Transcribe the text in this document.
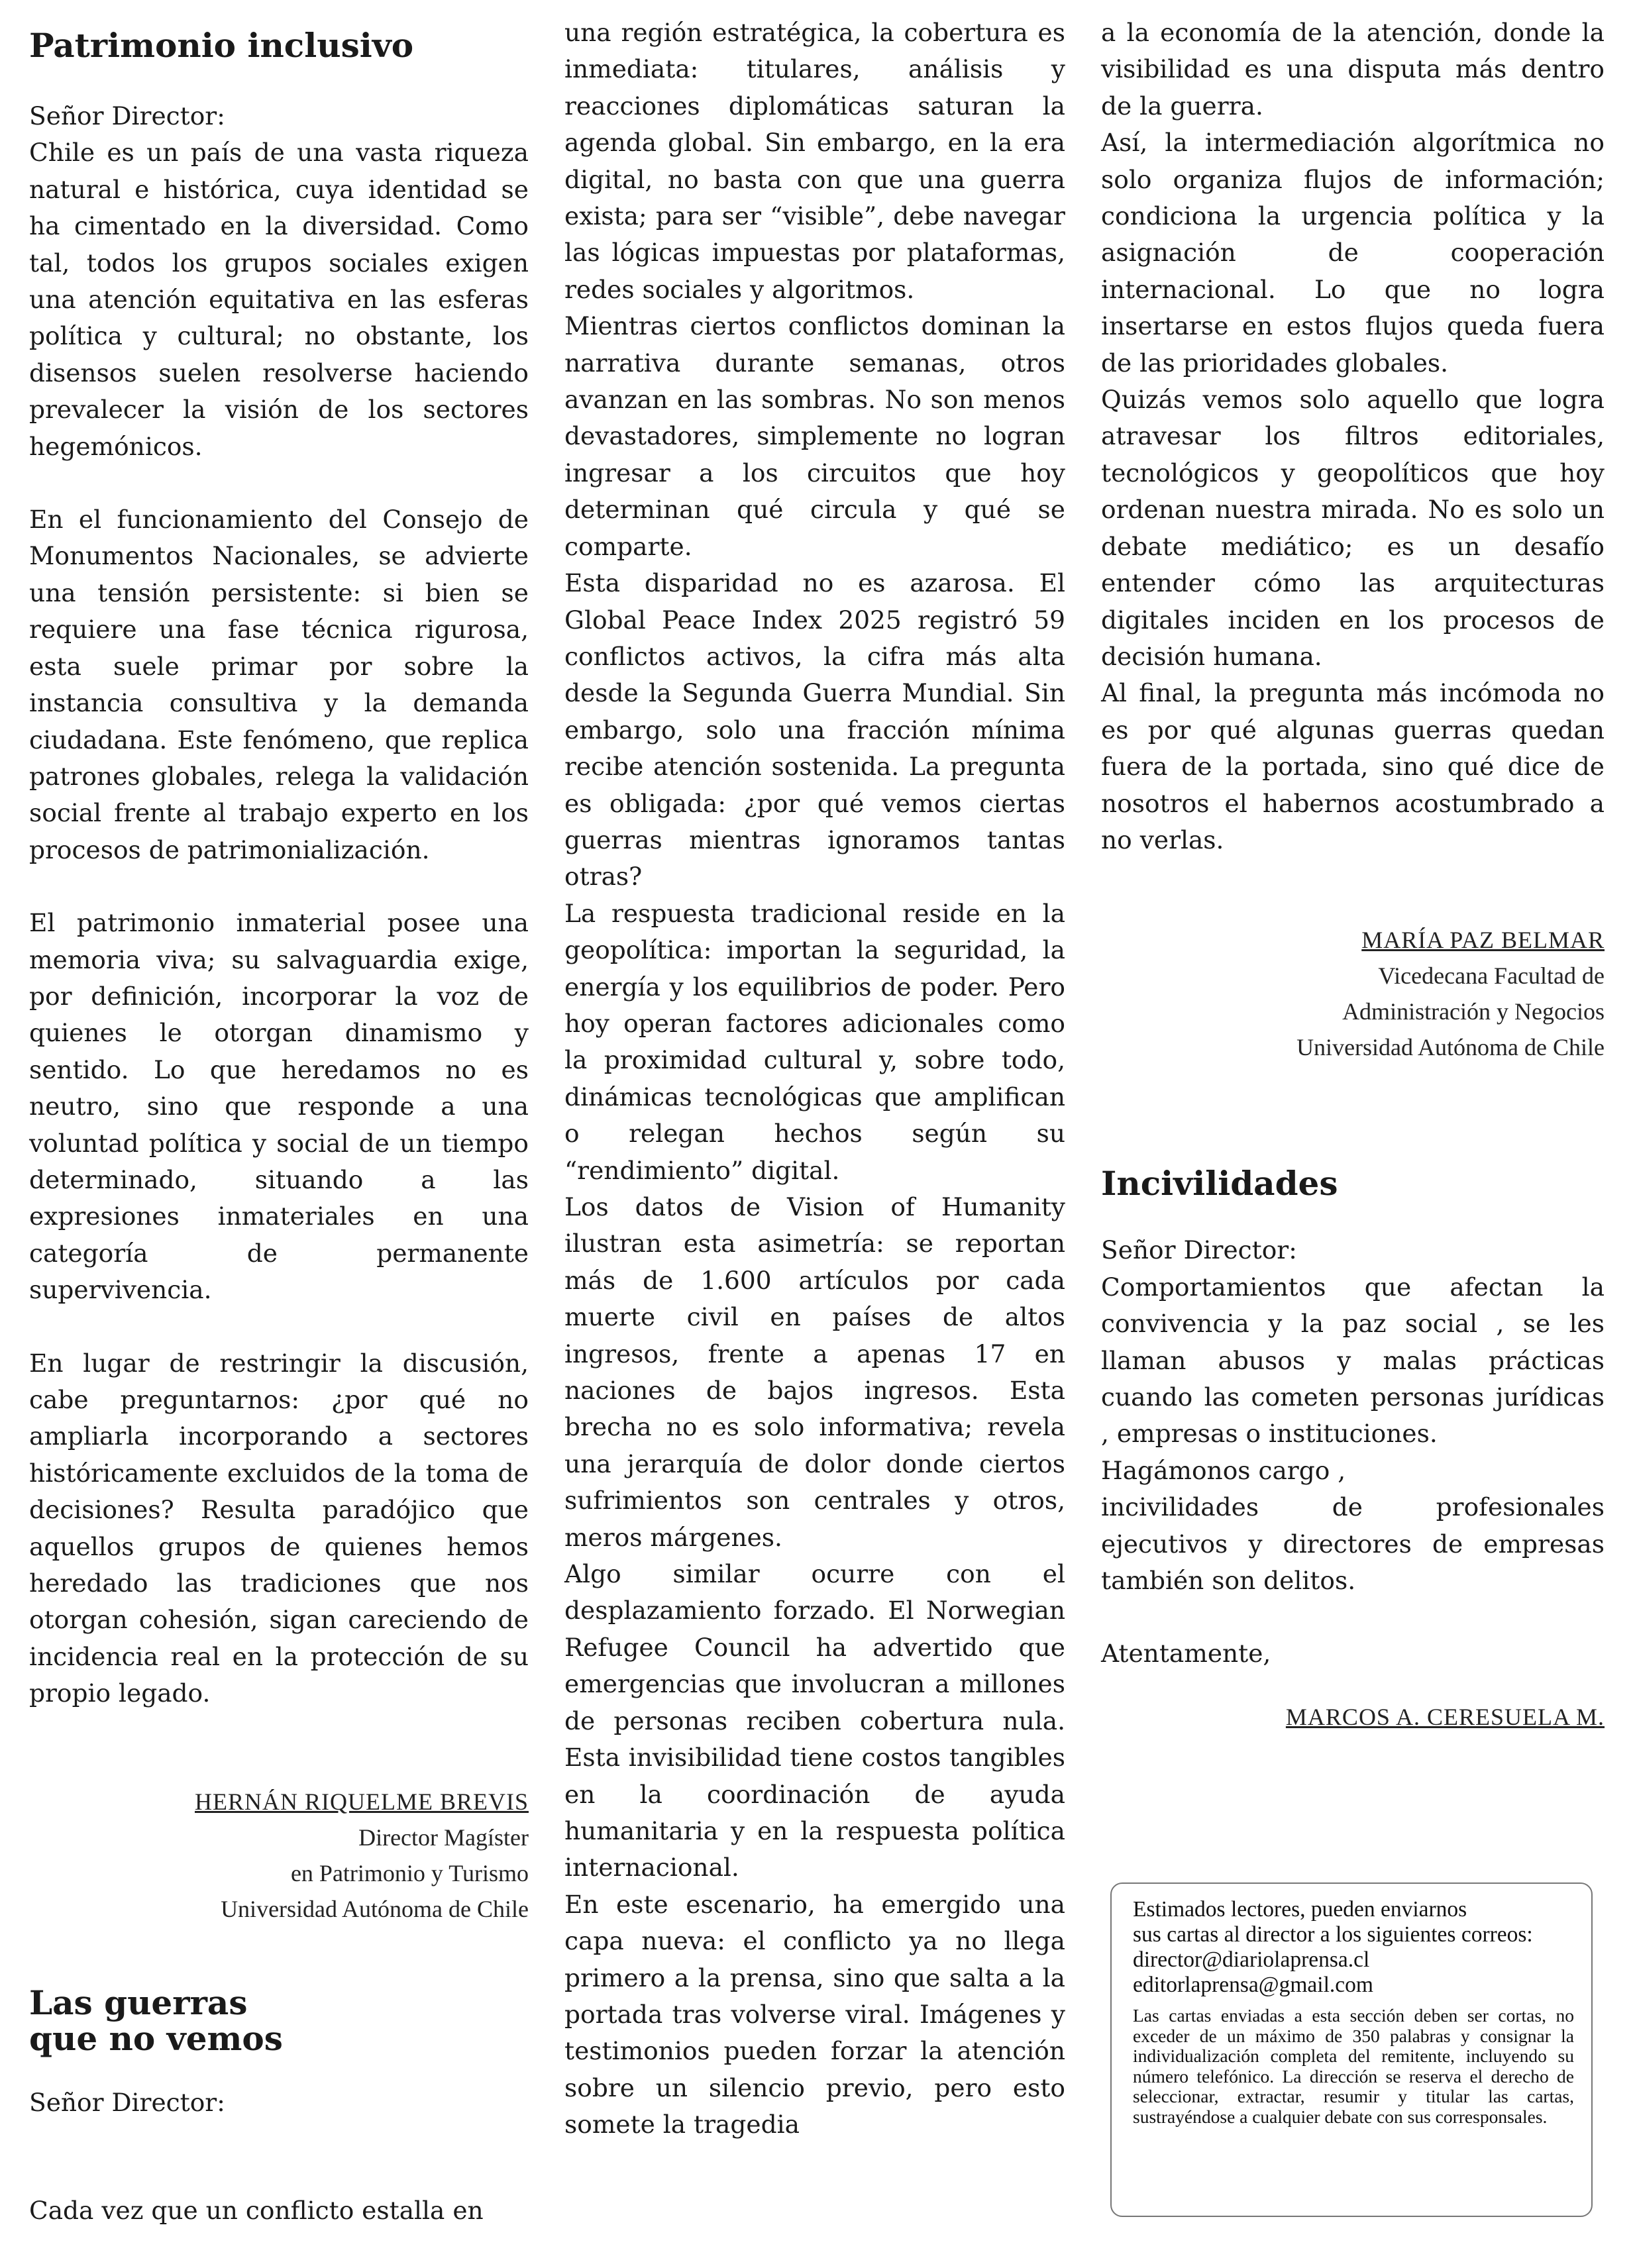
Patrimonio inclusivo

Señor Director:

Chile es un país de una vasta riqueza natural e histórica, cuya identidad se ha cimentado en la diversidad. Como tal, todos los grupos sociales exigen una atención equitativa en las esferas política y cultural; no obstante, los disensos suelen resolverse haciendo prevalecer la visión de los sectores hegemónicos.

En el funcionamiento del Consejo de Monumentos Nacionales, se advierte una tensión persistente: si bien se requiere una fase técnica rigurosa, esta suele primar por sobre la instancia consultiva y la demanda ciudadana. Este fenómeno, que replica patrones globales, relega la validación social frente al trabajo experto en los procesos de patrimonialización.

El patrimonio inmaterial posee una memoria viva; su salvaguardia exige, por definición, incorporar la voz de quienes le otorgan dinamismo y sentido. Lo que heredamos no es neutro, sino que responde a una voluntad política y social de un tiempo determinado, situando a las expresiones inmateriales en una categoría de permanente supervivencia.

En lugar de restringir la discusión, cabe preguntarnos: ¿por qué no ampliarla incorporando a sectores históricamente excluidos de la toma de decisiones? Resulta paradójico que aquellos grupos de quienes hemos heredado las tradiciones que nos otorgan cohesión, sigan careciendo de incidencia real en la protección de su propio legado.

HERNÁN RIQUELME BREVIS
Director Magíster
en Patrimonio y Turismo
Universidad Autónoma de Chile
Las guerras
que no vemos

Señor Director:

Cada vez que un conflicto estalla en

una región estratégica, la cobertura es inmediata: titulares, análisis y reacciones diplomáticas saturan la agenda global. Sin embargo, en la era digital, no basta con que una guerra exista; para ser “visible”, debe navegar las lógicas impuestas por plataformas, redes sociales y algoritmos.

Mientras ciertos conflictos dominan la narrativa durante semanas, otros avanzan en las sombras. No son menos devastadores, simplemente no logran ingresar a los circuitos que hoy determinan qué circula y qué se comparte.

Esta disparidad no es azarosa. El Global Peace Index 2025 registró 59 conflictos activos, la cifra más alta desde la Segunda Guerra Mundial. Sin embargo, solo una fracción mínima recibe atención sostenida. La pregunta es obligada: ¿por qué vemos ciertas guerras mientras ignoramos tantas otras?

La respuesta tradicional reside en la geopolítica: importan la seguridad, la energía y los equilibrios de poder. Pero hoy operan factores adicionales como la proximidad cultural y, sobre todo, dinámicas tecnológicas que amplifican o relegan hechos según su “rendimiento” digital.

Los datos de Vision of Humanity ilustran esta asimetría: se reportan más de 1.600 artículos por cada muerte civil en países de altos ingresos, frente a apenas 17 en naciones de bajos ingresos. Esta brecha no es solo informativa; revela una jerarquía de dolor donde ciertos sufrimientos son centrales y otros, meros márgenes.

Algo similar ocurre con el desplazamiento forzado. El Norwegian Refugee Council ha advertido que emergencias que involucran a millones de personas reciben cobertura nula. Esta invisibilidad tiene costos tangibles en la coordinación de ayuda humanitaria y en la respuesta política internacional.

En este escenario, ha emergido una capa nueva: el conflicto ya no llega primero a la prensa, sino que salta a la portada tras volverse viral. Imágenes y testimonios pueden forzar la atención sobre un silencio previo, pero esto somete la tragedia

a la economía de la atención, donde la visibilidad es una disputa más dentro de la guerra.

Así, la intermediación algorítmica no solo organiza flujos de información; condiciona la urgencia política y la asignación de cooperación internacional. Lo que no logra insertarse en estos flujos queda fuera de las prioridades globales.

Quizás vemos solo aquello que logra atravesar los filtros editoriales, tecnológicos y geopolíticos que hoy ordenan nuestra mirada. No es solo un debate mediático; es un desafío entender cómo las arquitecturas digitales inciden en los procesos de decisión humana.

Al final, la pregunta más incómoda no es por qué algunas guerras quedan fuera de la portada, sino qué dice de nosotros el habernos acostumbrado a no verlas.

MARÍA PAZ BELMAR
Vicedecana Facultad de
Administración y Negocios
Universidad Autónoma de Chile
Incivilidades

Señor Director:

Comportamientos que afectan la convivencia y la paz social , se les llaman abusos y malas prácticas cuando las cometen personas jurídicas , empresas o instituciones.

Hagámonos cargo ,

incivilidades de profesionales ejecutivos y directores de empresas también son delitos.

Atentamente,

MARCOS A. CERESUELA M.
Estimados lectores, pueden enviarnos
sus cartas al director a los siguientes correos:
director@diariolaprensa.cl
editorlaprensa@gmail.com

Las cartas enviadas a esta sección deben ser cortas, no exceder de un máximo de 350 palabras y consignar la individualización completa del remitente, incluyendo su número telefónico. La dirección se reserva el derecho de seleccionar, extractar, resumir y titular las cartas, sustrayéndose a cualquier debate con sus corresponsales.
